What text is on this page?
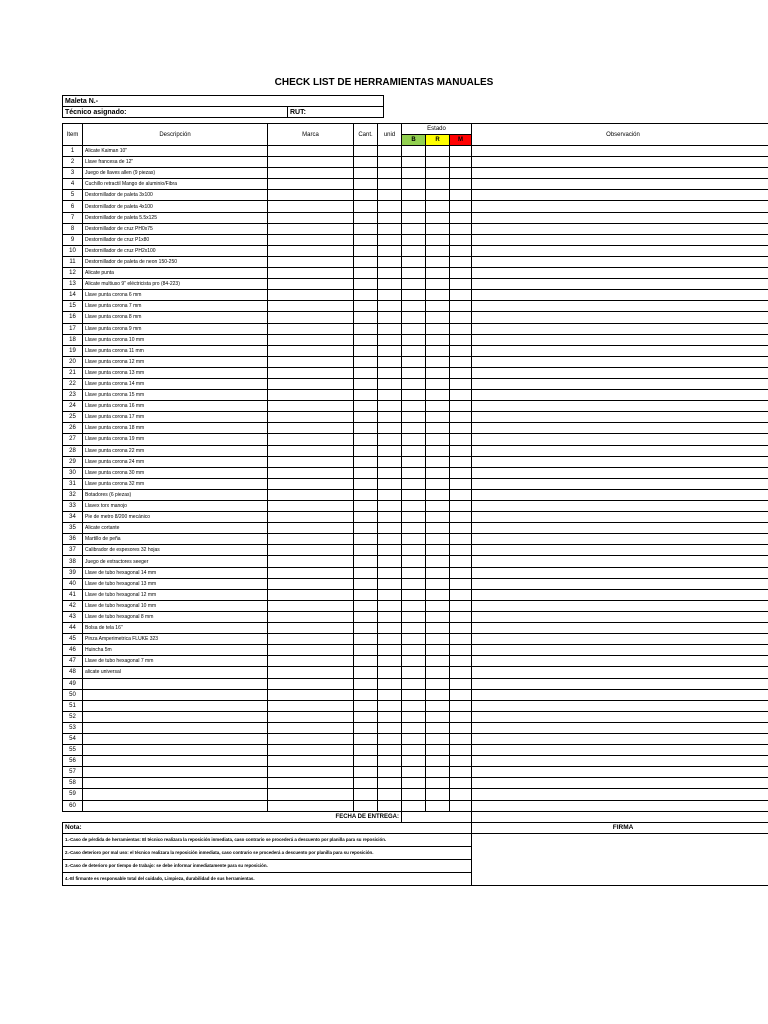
CHECK LIST DE HERRAMIENTAS MANUALES
Maleta N.-
Técnico asignado:	RUT:
Item	Descripción	Marca	Cant.	unid	Estado			Observación
					B	R	M	
1	Alicate Kaiman 10"							
2	Llave francesa de 12"							
3	Juego de llaves allen (9 piezas)							
4	Cuchillo retractil Mango de aluminio/Fibra							
5	Destornillador de paleta 3x100							
6	Destornillador de paleta 4x100							
7	Destornillador de paleta 5.5x125							
8	Destornillador de cruz PH0x75							
9	Destornillador de cruz P1x80							
10	Destornillador de cruz PH2x100							
11	Destornillador de paleta de neon 150-250							
12	Alicate punta							
13	Alicate multiuso 9" eléctricista pro (84-223)							
14	Llave punta corona 6 mm							
15	Llave punta corona 7 mm							
16	Llave punta corona 8 mm							
17	Llave punta corona 9 mm							
18	Llave punta corona 10 mm							
19	Llave punta corona 11 mm							
20	Llave punta corona 12 mm							
21	Llave punta corona 13 mm							
22	Llave punta corona 14 mm							
23	Llave punta corona 15 mm							
24	Llave punta corona 16 mm							
25	Llave punta corona 17 mm							
26	Llave punta corona 18 mm							
27	Llave punta corona 19 mm							
28	Llave punta corona 22 mm							
29	Llave punta corona 24 mm							
30	Llave punta corona 30 mm							
31	Llave punta corona 32 mm							
32	Botadores (6 piezas)							
33	Llavex torx manojo							
34	Pie de metro 8/200 mecánico							
35	Alicate cortante							
36	Martillo de peña							
37	Calibrador de espesores 32 hojas							
38	Juego de extractores seeger							
39	Llave de tubo hexagonal 14 mm							
40	Llave de tubo hexagonal 13 mm							
41	Llave de tubo hexagonal 12 mm							
42	Llave de tubo hexagonal 10 mm							
43	Llave de tubo hexagonal 8 mm							
44	Bolsa de tela 16"							
45	Pinza Amperimetrica FLUKE 323							
46	Huincha 5m							
47	Llave de tubo hexagonal 7 mm							
48	alicate universal							
49								
50								
51								
52								
53								
54								
55								
56								
57								
58								
59								
60								
		FECHA DE ENTREGA:						
Nota:								FIRMA
1.-Caso de pérdida de herramientas: El técnico realizara la reposición inmediata, caso contrario se procederá a descuento por planilla para su reposición.								
2.-Caso deterioro por mal uso: el técnico realizara la reposición inmediata, caso contrario se procederá a descuento por planilla para su reposición.								
3.-Caso de deterioro por tiempo de trabajo: se debe informar inmediatamente para su reposición.								
4.-El firmante es responsable total del cuidado, Limpieza, durabilidad de sus herramientas.								
